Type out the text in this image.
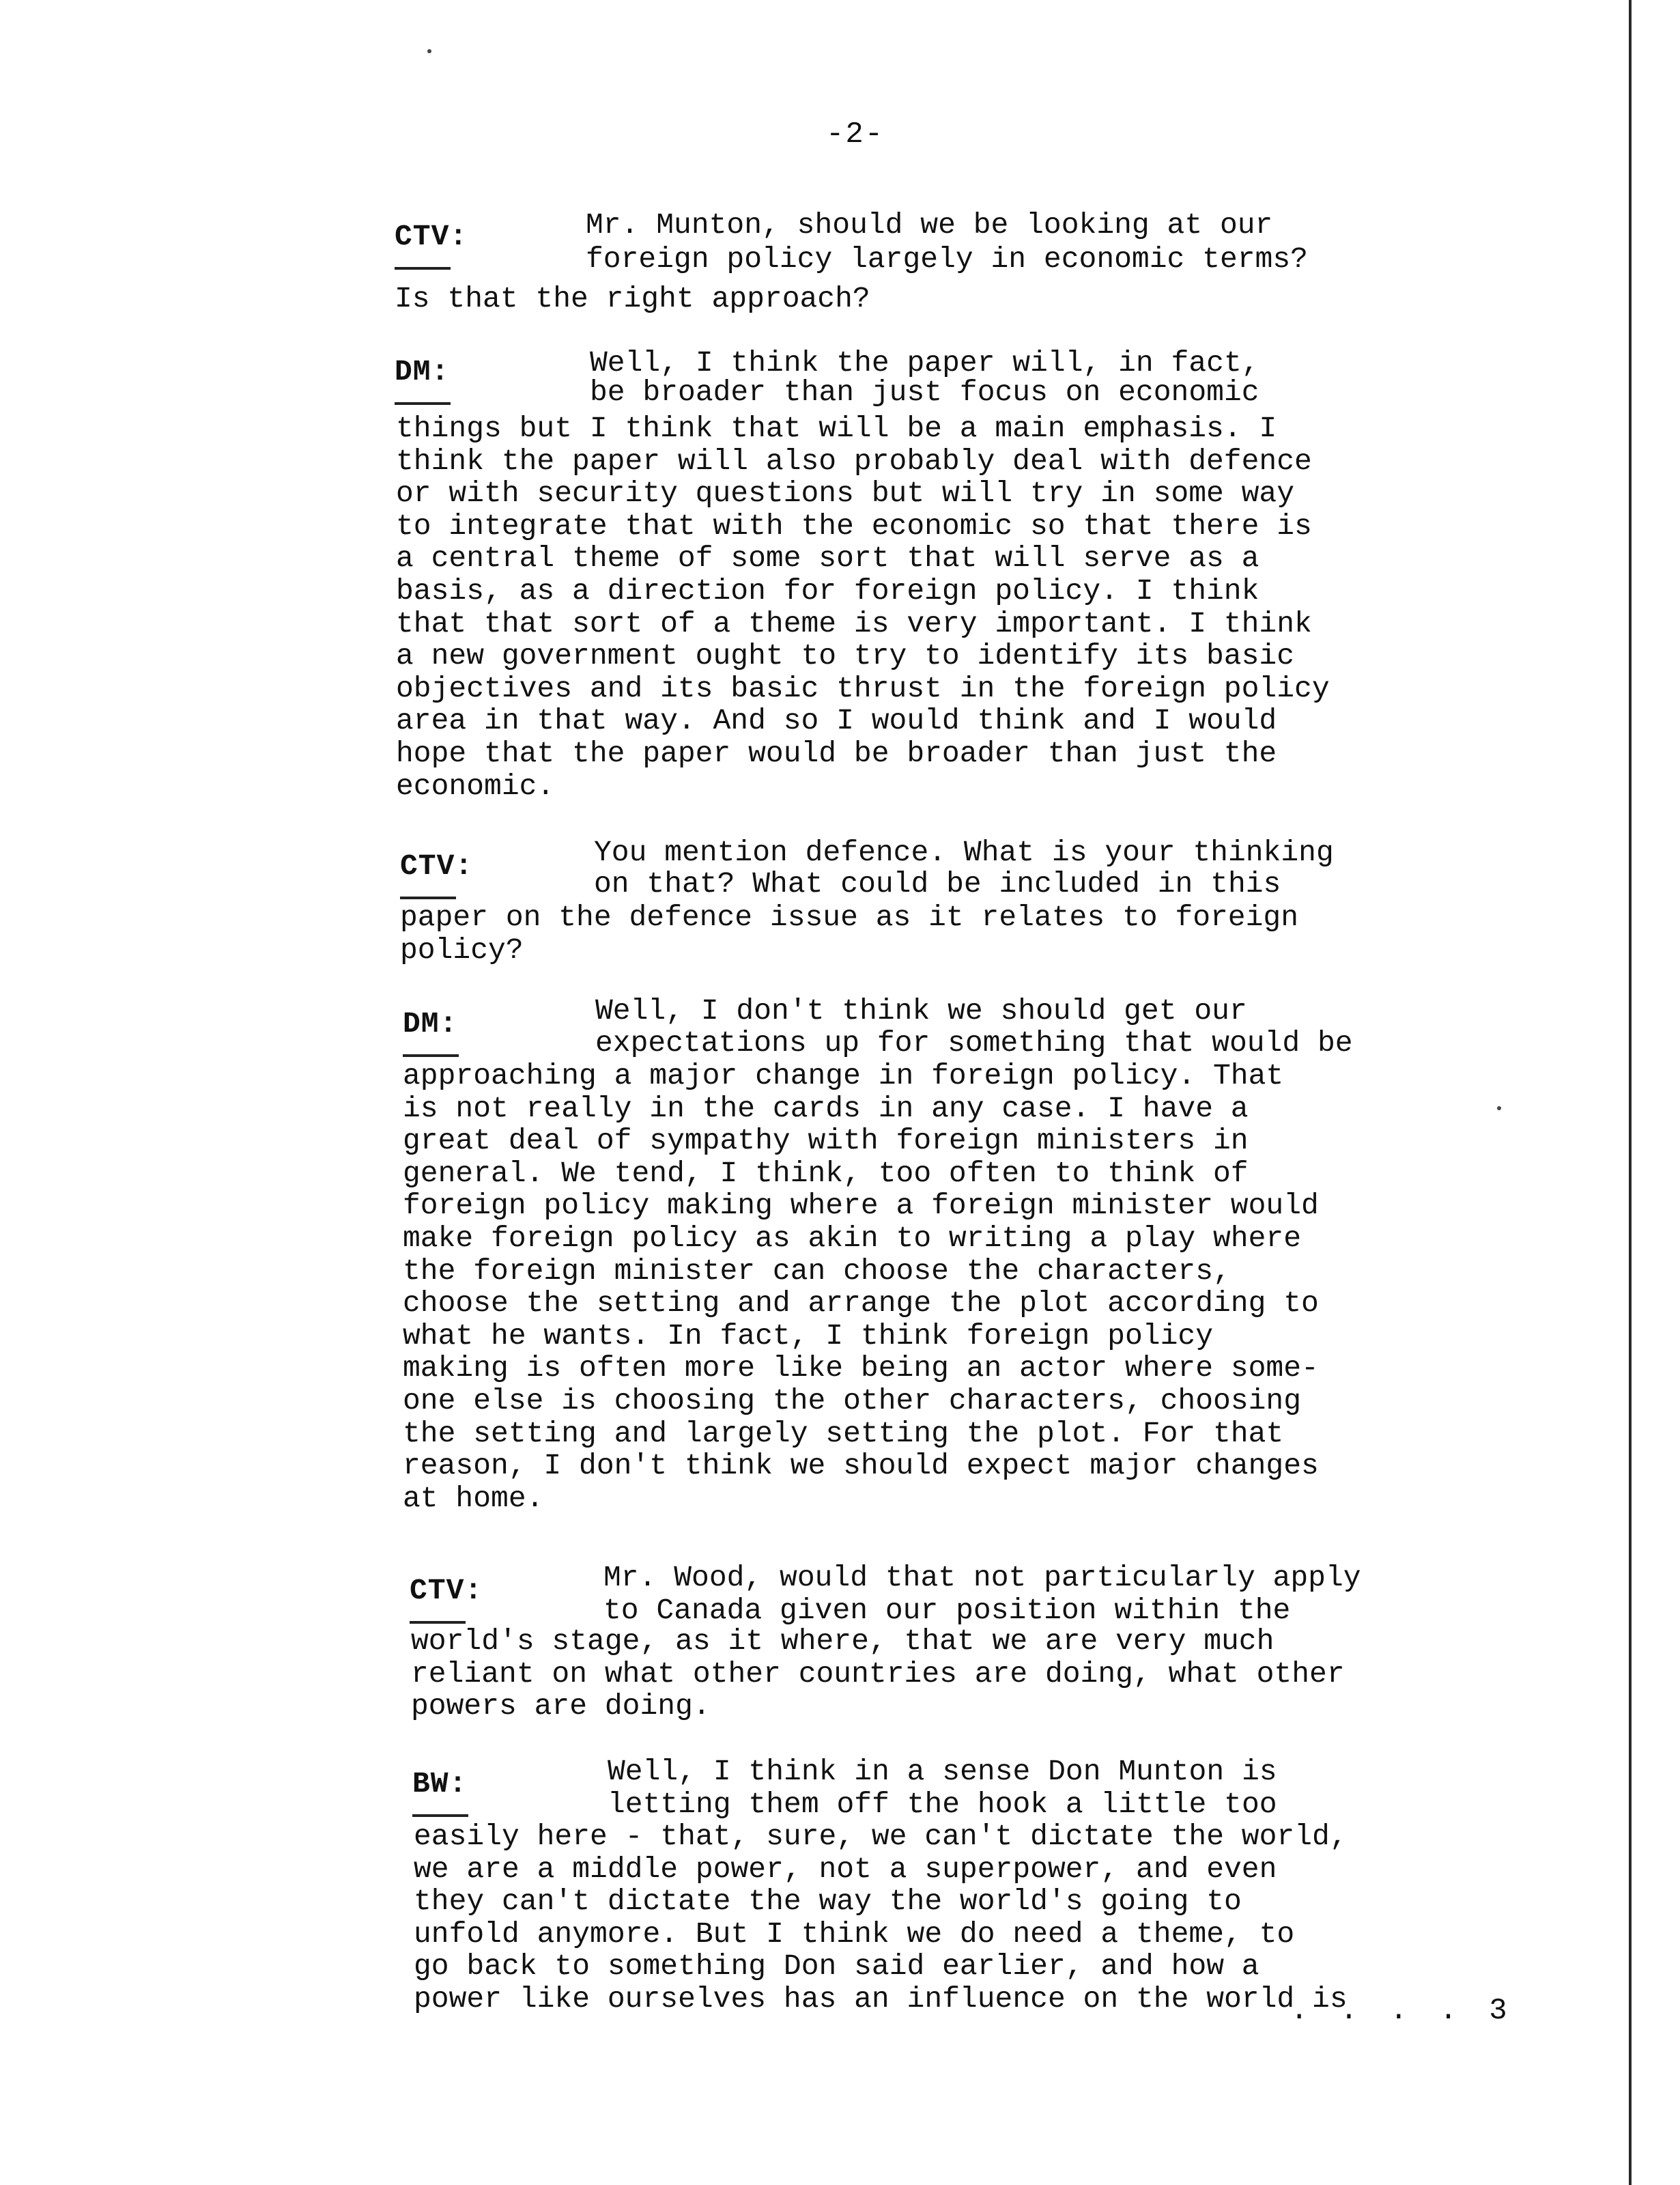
-2-
CTV:	Mr. Munton, should we be looking at our
foreign policy largely in economic terms?
Is that the right approach?
DM:	Well, I think the paper will, in fact,
be broader than just focus on economic
things but I think that will be a main emphasis. I
think the paper will also probably deal with defence
or with security questions but will try in some way
to integrate that with the economic so that there is
a central theme of some sort that will serve as a
basis, as a direction for foreign policy. I think
that that sort of a theme is very important. I think
a new government ought to try to identify its basic
objectives and its basic thrust in the foreign policy
area in that way. And so I would think and I would
hope that the paper would be broader than just the
economic.
CTV:	You mention defence. What is your thinking
on that? What could be included in this
paper on the defence issue as it relates to foreign
policy?
DM:	Well, I don't think we should get our
expectations up for something that would be
approaching a major change in foreign policy. That
is not really in the cards in any case. I have a
great deal of sympathy with foreign ministers in
general. We tend, I think, too often to think of
foreign policy making where a foreign minister would
make foreign policy as akin to writing a play where
the foreign minister can choose the characters,
choose the setting and arrange the plot according to
what he wants. In fact, I think foreign policy
making is often more like being an actor where some-
one else is choosing the other characters, choosing
the setting and largely setting the plot. For that
reason, I don't think we should expect major changes
at home.
CTV:	Mr. Wood, would that not particularly apply
to Canada given our position within the
world's stage, as it where, that we are very much
reliant on what other countries are doing, what other
powers are doing.
BW:	Well, I think in a sense Don Munton is
letting them off the hook a little too
easily here - that, sure, we can't dictate the world,
we are a middle power, not a superpower, and even
they can't dictate the way the world's going to
unfold anymore. But I think we do need a theme, to
go back to something Don said earlier, and how a
power like ourselves has an influence on the world is
. . . . 3
